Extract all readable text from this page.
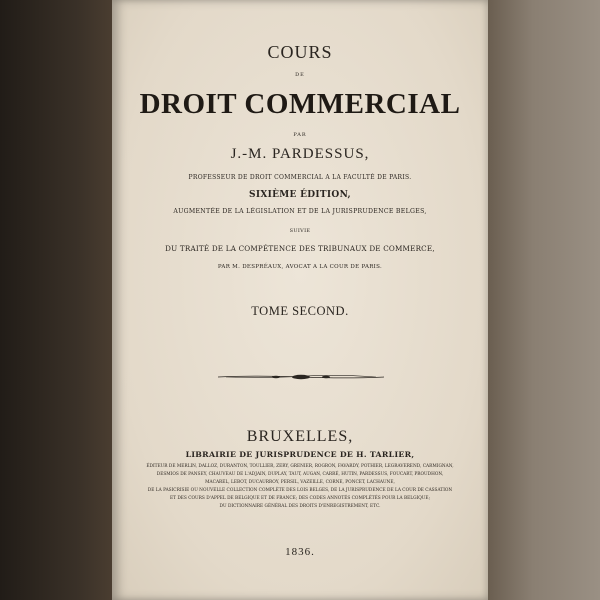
COURS

DE

DROIT COMMERCIAL

PAR

J.-M. PARDESSUS,

PROFESSEUR DE DROIT COMMERCIAL A LA FACULTÉ DE PARIS.

SIXIÈME ÉDITION,

AUGMENTÉE DE LA LÉGISLATION ET DE LA JURISPRUDENCE BELGES,

SUIVIE

DU TRAITÉ DE LA COMPÉTENCE DES TRIBUNAUX DE COMMERCE,

PAR M. DESPRÉAUX, AVOCAT A LA COUR DE PARIS.

TOME SECOND.

BRUXELLES,

LIBRAIRIE DE JURISPRUDENCE DE H. TARLIER,

ÉDITEUR DE MERLIN, DALLOZ, DURANTON, TOULLIER, ZERY, GRENIER, ROGRON, FAVARDY, POTHIER, LEGRAVEREND, CARMIGNAN,

DESMIOS DE PANSEY, CHAUVEAU DE L'ADJAIN, DUPLAY, TAUT, AUGAN, CARRÉ, HUTIN, PARDESSUS, FOUCART, PROUDHON,

MACAREL, LEBOT, DUCAURROY, PERSIL, VAZEILLE, CORNE, PONCET, LACHAUNE,

DE LA PASICRISIE OU NOUVELLE COLLECTION COMPLÈTE DES LOIS BELGES, DE LA JURISPRUDENCE DE LA COUR DE CASSATION

ET DES COURS D'APPEL DE BELGIQUE ET DE FRANCE; DES CODES ANNOTÉS COMPLÉTÉS POUR LA BELGIQUE;

DU DICTIONNAIRE GÉNÉRAL DES DROITS D'ENREGISTREMENT, ETC.

1836.
